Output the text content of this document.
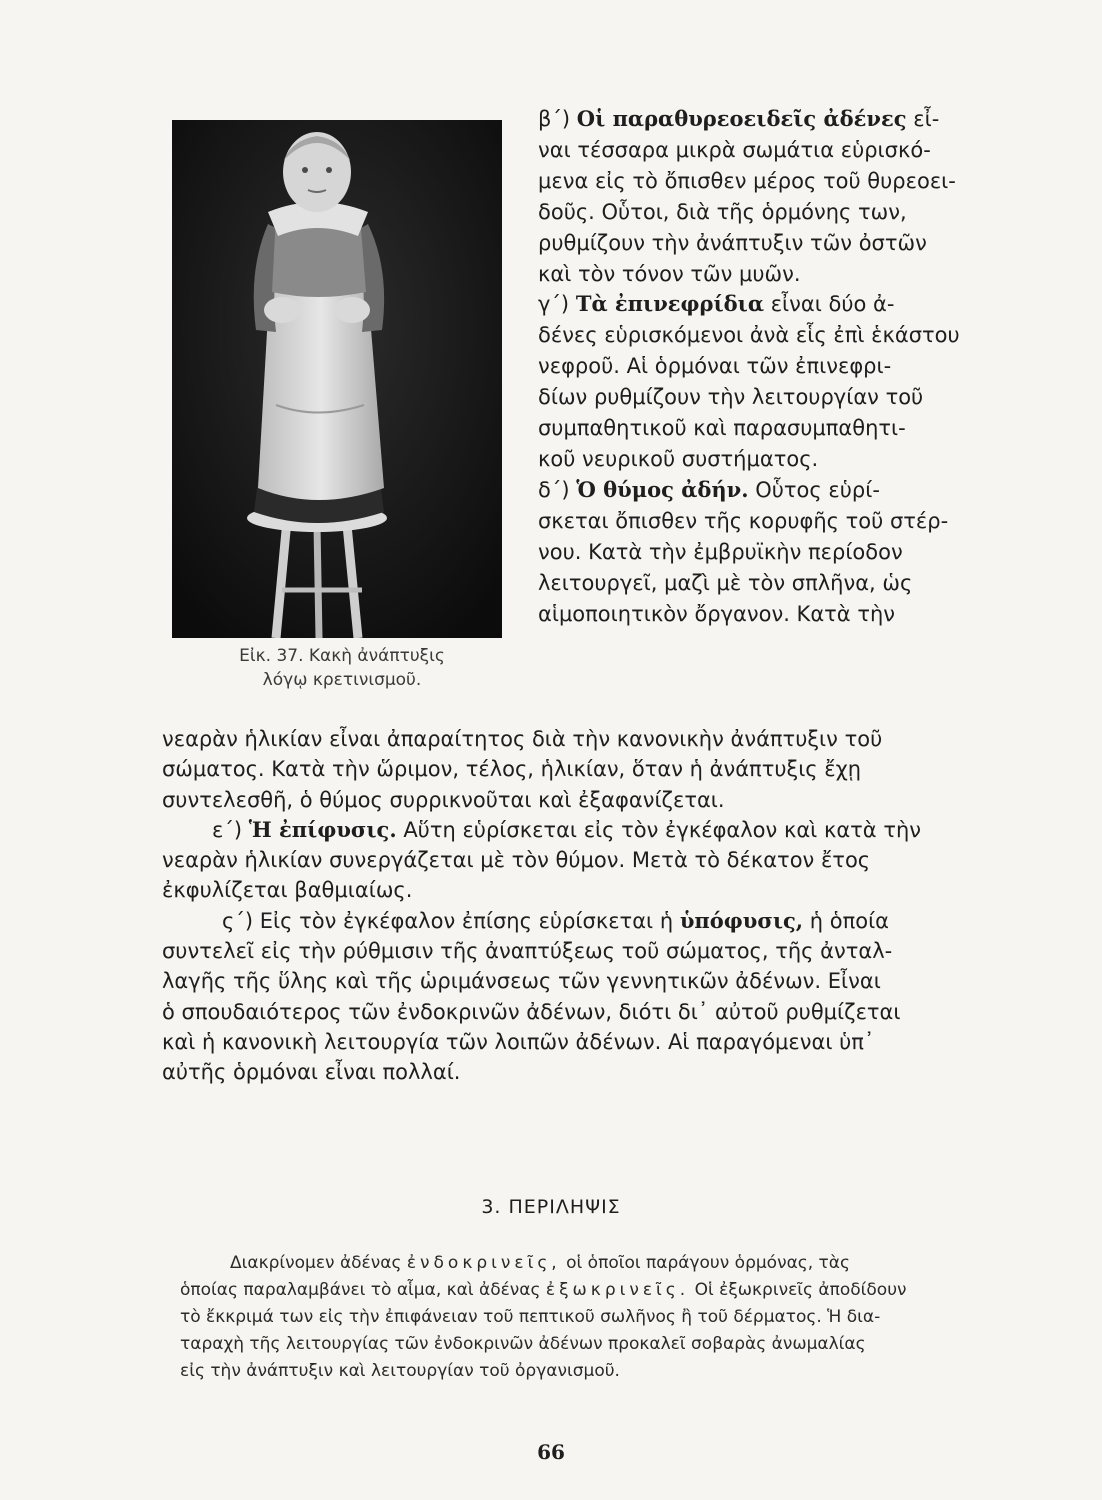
Εἰκ. 37. Κακὴ ἀνάπτυξις
λόγῳ κρετινισμοῦ.
β΄) Οἱ παραθυρεοειδεῖς ἀδένες εἶ-
ναι τέσσαρα μικρὰ σωμάτια εὑρισκό-
μενα εἰς τὸ ὄπισθεν μέρος τοῦ θυρεοει-
δοῦς. Οὗτοι, διὰ τῆς ὁρμόνης των,
ρυθμίζουν τὴν ἀνάπτυξιν τῶν ὀστῶν
καὶ τὸν τόνον τῶν μυῶν.
γ΄) Τὰ ἐπινεφρίδια εἶναι δύο ἀ-
δένες εὑρισκόμενοι ἀνὰ εἷς ἐπὶ ἑκάστου
νεφροῦ. Αἱ ὁρμόναι τῶν ἐπινεφρι-
δίων ρυθμίζουν τὴν λειτουργίαν τοῦ
συμπαθητικοῦ καὶ παρασυμπαθητι-
κοῦ νευρικοῦ συστήματος.
δ΄) Ὁ θύμος ἀδήν. Οὗτος εὑρί-
σκεται ὄπισθεν τῆς κορυφῆς τοῦ στέρ-
νου. Κατὰ τὴν ἐμβρυϊκὴν περίοδον
λειτουργεῖ, μαζὶ μὲ τὸν σπλῆνα, ὡς
αἱμοποιητικὸν ὄργανον. Κατὰ τὴν
νεαρὰν ἡλικίαν εἶναι ἀπαραίτητος διὰ τὴν κανονικὴν ἀνάπτυξιν τοῦ
σώματος. Κατὰ τὴν ὥριμον, τέλος, ἡλικίαν, ὅταν ἡ ἀνάπτυξις ἔχῃ
συντελεσθῆ, ὁ θύμος συρρικνοῦται καὶ ἐξαφανίζεται.
ε΄) Ἡ ἐπίφυσις. Αὕτη εὑρίσκεται εἰς τὸν ἐγκέφαλον καὶ κατὰ τὴν
νεαρὰν ἡλικίαν συνεργάζεται μὲ τὸν θύμον. Μετὰ τὸ δέκατον ἔτος
ἐκφυλίζεται βαθμιαίως.
ς΄) Εἰς τὸν ἐγκέφαλον ἐπίσης εὑρίσκεται ἡ ὑπόφυσις, ἡ ὁποία
συντελεῖ εἰς τὴν ρύθμισιν τῆς ἀναπτύξεως τοῦ σώματος, τῆς ἀνταλ-
λαγῆς τῆς ὕλης καὶ τῆς ὡριμάνσεως τῶν γεννητικῶν ἀδένων. Εἶναι
ὁ σπουδαιότερος τῶν ἐνδοκρινῶν ἀδένων, διότι δι᾿ αὐτοῦ ρυθμίζεται
καὶ ἡ κανονικὴ λειτουργία τῶν λοιπῶν ἀδένων. Αἱ παραγόμεναι ὑπ᾿
αὐτῆς ὁρμόναι εἶναι πολλαί.
3. ΠΕΡΙΛΗΨΙΣ
Διακρίνομεν ἀδένας ἐνδοκρινεῖς, οἱ ὁποῖοι παράγουν ὁρμόνας, τὰς
ὁποίας παραλαμβάνει τὸ αἷμα, καὶ ἀδένας ἐξωκρινεῖς. Οἱ ἐξωκρινεῖς ἀποδίδουν
τὸ ἔκκριμά των εἰς τὴν ἐπιφάνειαν τοῦ πεπτικοῦ σωλῆνος ἢ τοῦ δέρματος. Ἡ δια-
ταραχὴ τῆς λειτουργίας τῶν ἐνδοκρινῶν ἀδένων προκαλεῖ σοβαρὰς ἀνωμαλίας
εἰς τὴν ἀνάπτυξιν καὶ λειτουργίαν τοῦ ὀργανισμοῦ.
66
